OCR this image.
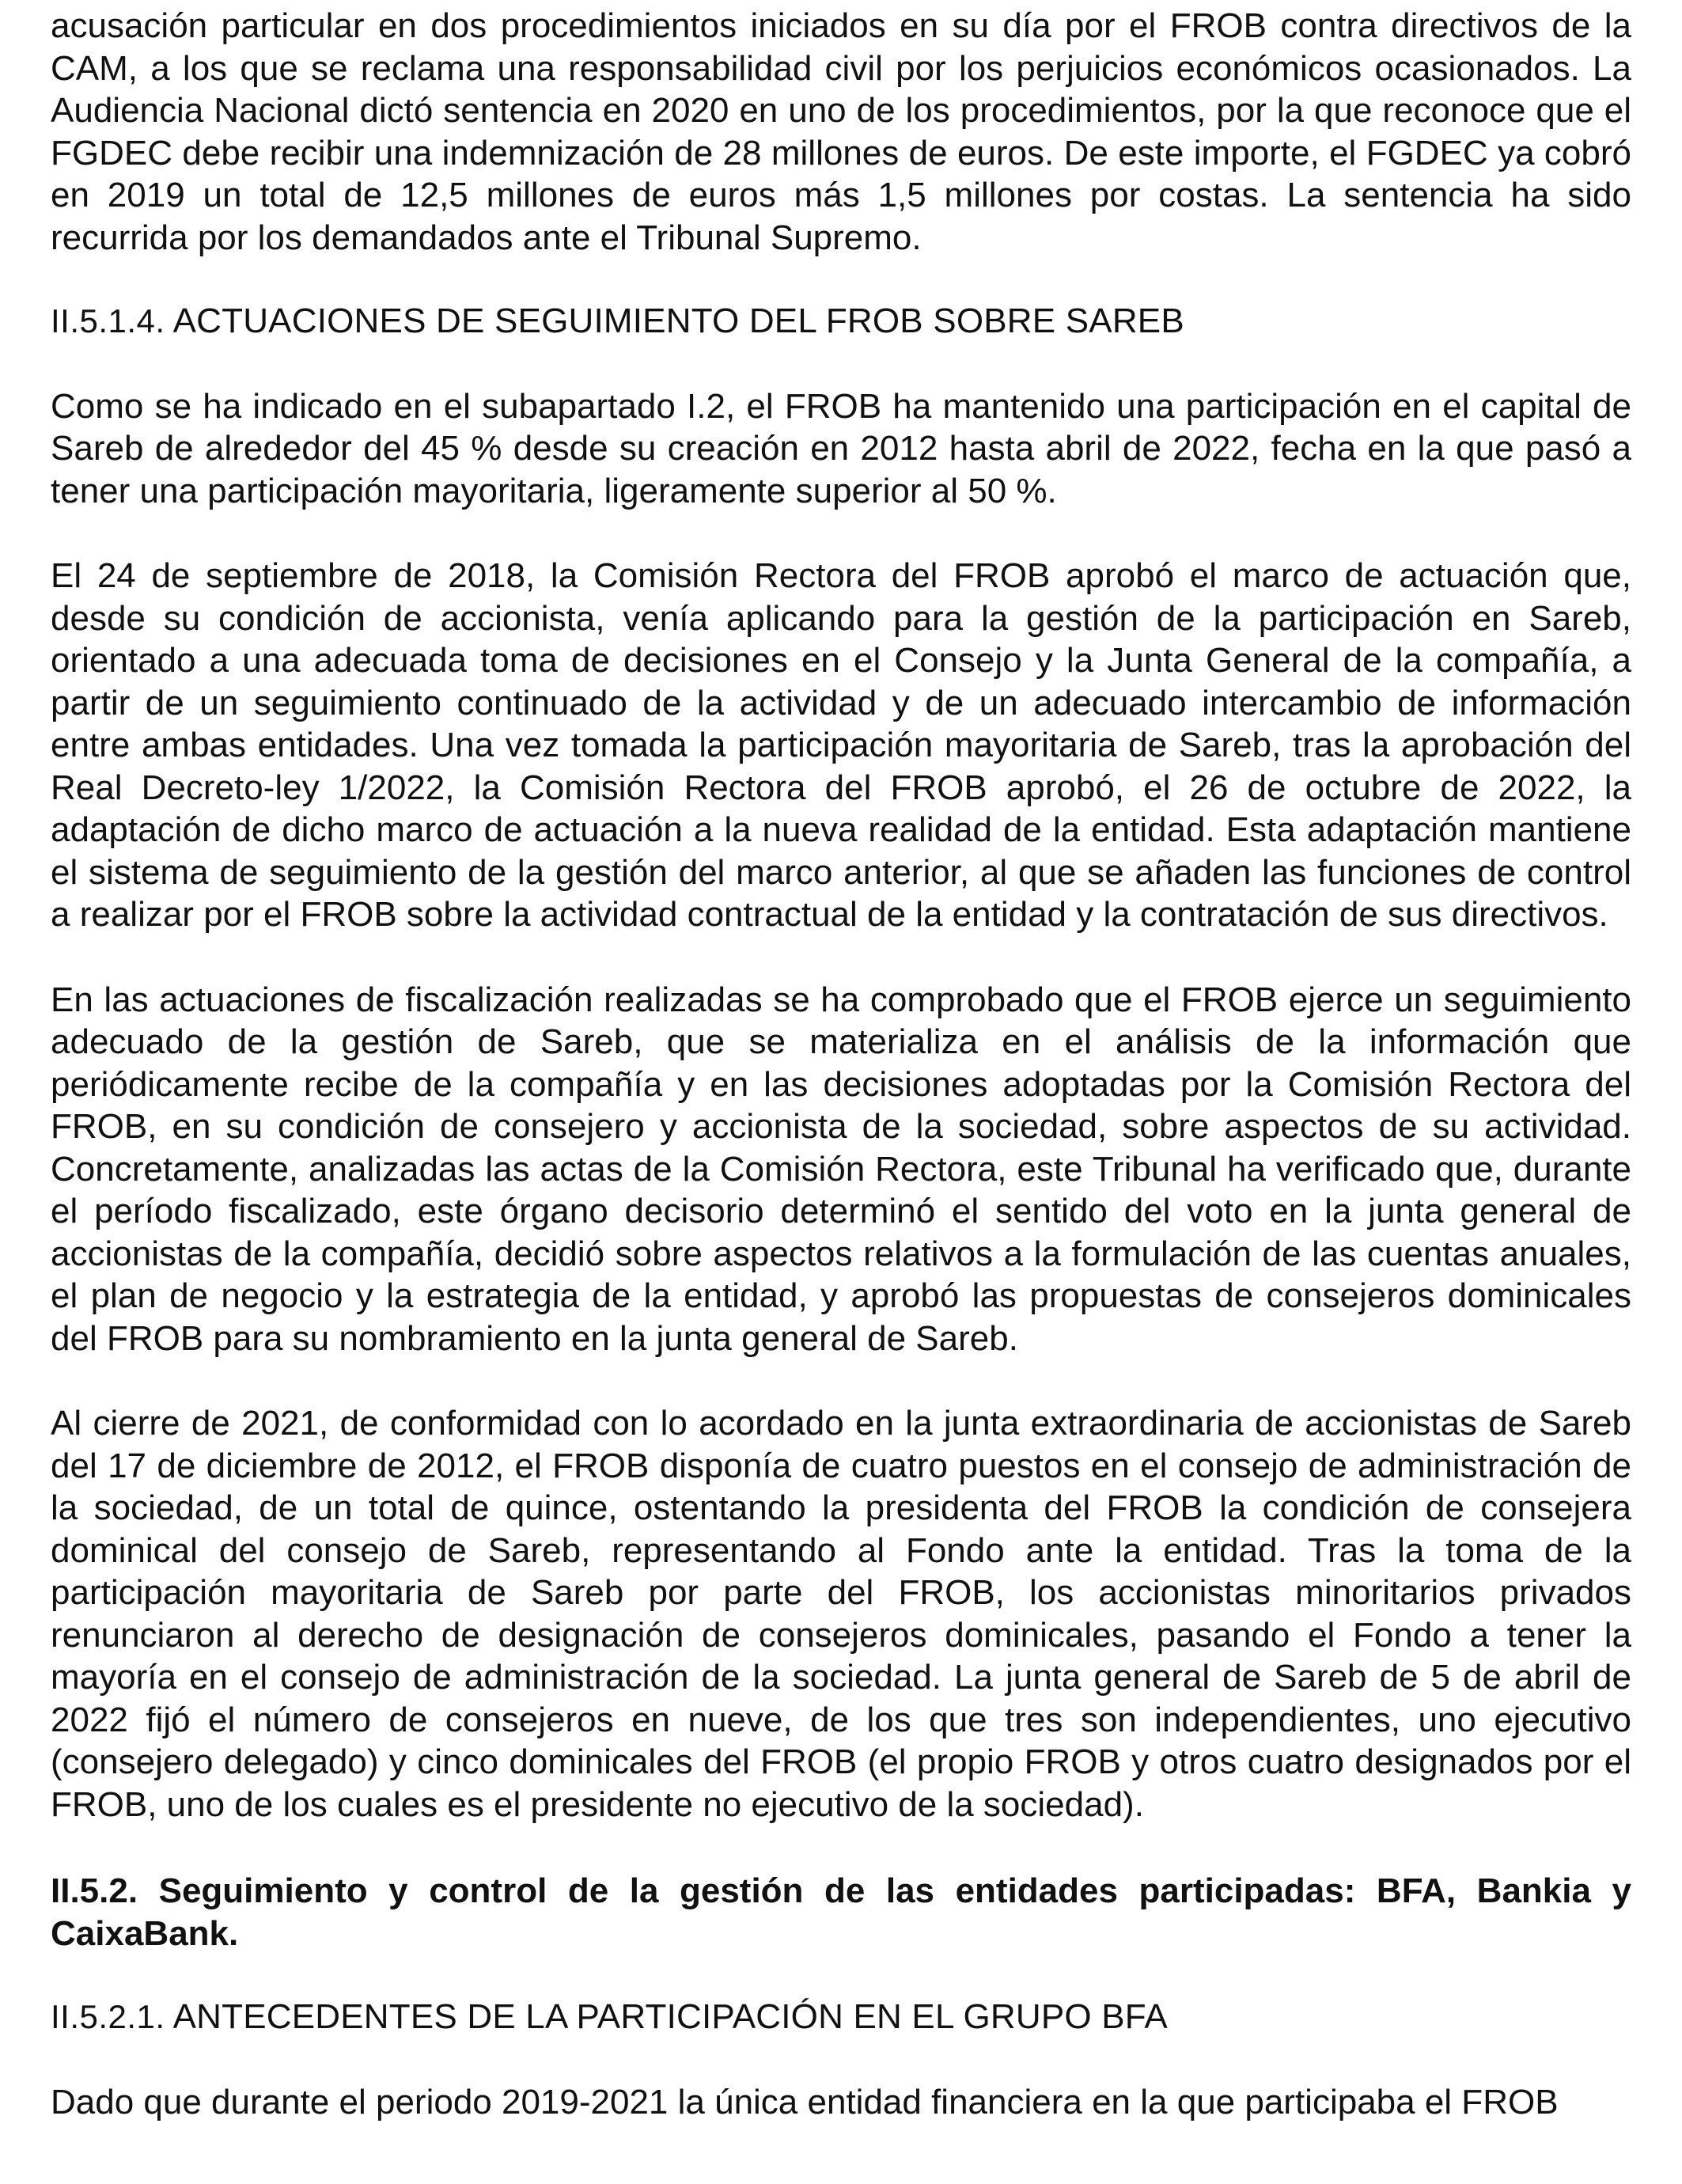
acusación particular en dos procedimientos iniciados en su día por el FROB contra directivos de la CAM, a los que se reclama una responsabilidad civil por los perjuicios económicos ocasionados. La Audiencia Nacional dictó sentencia en 2020 en uno de los procedimientos, por la que reconoce que el FGDEC debe recibir una indemnización de 28 millones de euros. De este importe, el FGDEC ya cobró en 2019 un total de 12,5 millones de euros más 1,5 millones por costas. La sentencia ha sido recurrida por los demandados ante el Tribunal Supremo.

II.5.1.4. ACTUACIONES DE SEGUIMIENTO DEL FROB SOBRE SAREB

Como se ha indicado en el subapartado I.2, el FROB ha mantenido una participación en el capital de Sareb de alrededor del 45 % desde su creación en 2012 hasta abril de 2022, fecha en la que pasó a tener una participación mayoritaria, ligeramente superior al 50 %.

El 24 de septiembre de 2018, la Comisión Rectora del FROB aprobó el marco de actuación que, desde su condición de accionista, venía aplicando para la gestión de la participación en Sareb, orientado a una adecuada toma de decisiones en el Consejo y la Junta General de la compañía, a partir de un seguimiento continuado de la actividad y de un adecuado intercambio de información entre ambas entidades. Una vez tomada la participación mayoritaria de Sareb, tras la aprobación del Real Decreto-ley 1/2022, la Comisión Rectora del FROB aprobó, el 26 de octubre de 2022, la adaptación de dicho marco de actuación a la nueva realidad de la entidad. Esta adaptación mantiene el sistema de seguimiento de la gestión del marco anterior, al que se añaden las funciones de control a realizar por el FROB sobre la actividad contractual de la entidad y la contratación de sus directivos.

En las actuaciones de fiscalización realizadas se ha comprobado que el FROB ejerce un seguimiento adecuado de la gestión de Sareb, que se materializa en el análisis de la información que periódicamente recibe de la compañía y en las decisiones adoptadas por la Comisión Rectora del FROB, en su condición de consejero y accionista de la sociedad, sobre aspectos de su actividad. Concretamente, analizadas las actas de la Comisión Rectora, este Tribunal ha verificado que, durante el período fiscalizado, este órgano decisorio determinó el sentido del voto en la junta general de accionistas de la compañía, decidió sobre aspectos relativos a la formulación de las cuentas anuales, el plan de negocio y la estrategia de la entidad, y aprobó las propuestas de consejeros dominicales del FROB para su nombramiento en la junta general de Sareb.

Al cierre de 2021, de conformidad con lo acordado en la junta extraordinaria de accionistas de Sareb del 17 de diciembre de 2012, el FROB disponía de cuatro puestos en el consejo de administración de la sociedad, de un total de quince, ostentando la presidenta del FROB la condición de consejera dominical del consejo de Sareb, representando al Fondo ante la entidad. Tras la toma de la participación mayoritaria de Sareb por parte del FROB, los accionistas minoritarios privados renunciaron al derecho de designación de consejeros dominicales, pasando el Fondo a tener la mayoría en el consejo de administración de la sociedad. La junta general de Sareb de 5 de abril de 2022 fijó el número de consejeros en nueve, de los que tres son independientes, uno ejecutivo (consejero delegado) y cinco dominicales del FROB (el propio FROB y otros cuatro designados por el FROB, uno de los cuales es el presidente no ejecutivo de la sociedad).

II.5.2. Seguimiento y control de la gestión de las entidades participadas: BFA, Bankia y CaixaBank.
II.5.2.1. ANTECEDENTES DE LA PARTICIPACIÓN EN EL GRUPO BFA

Dado que durante el periodo 2019-2021 la única entidad financiera en la que participaba el FROB
